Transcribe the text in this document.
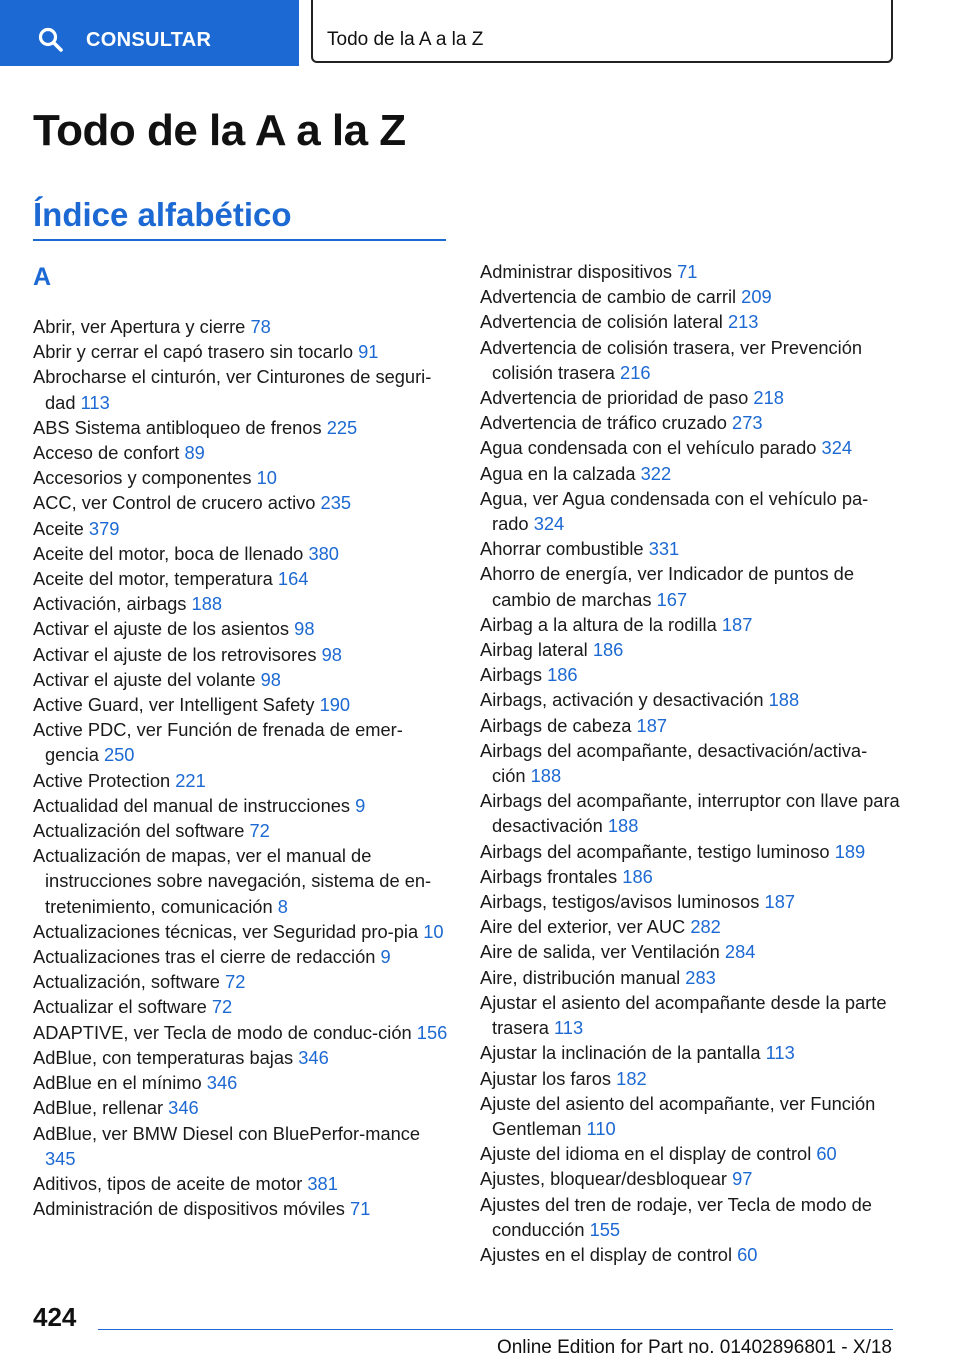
CONSULTAR	Todo de la A a la Z
Todo de la A a la Z
Índice alfabético
A
Abrir, ver Apertura y cierre 78
Abrir y cerrar el capó trasero sin tocarlo 91
Abrocharse el cinturón, ver Cinturones de seguri-dad 113
ABS Sistema antibloqueo de frenos 225
Acceso de confort 89
Accesorios y componentes 10
ACC, ver Control de crucero activo 235
Aceite 379
Aceite del motor, boca de llenado 380
Aceite del motor, temperatura 164
Activación, airbags 188
Activar el ajuste de los asientos 98
Activar el ajuste de los retrovisores 98
Activar el ajuste del volante 98
Active Guard, ver Intelligent Safety 190
Active PDC, ver Función de frenada de emer-gencia 250
Active Protection 221
Actualidad del manual de instrucciones 9
Actualización del software 72
Actualización de mapas, ver el manual de instrucciones sobre navegación, sistema de en-tretenimiento, comunicación 8
Actualizaciones técnicas, ver Seguridad pro-pia 10
Actualizaciones tras el cierre de redacción 9
Actualización, software 72
Actualizar el software 72
ADAPTIVE, ver Tecla de modo de conduc-ción 156
AdBlue, con temperaturas bajas 346
AdBlue en el mínimo 346
AdBlue, rellenar 346
AdBlue, ver BMW Diesel con BluePerfor-mance 345
Aditivos, tipos de aceite de motor 381
Administración de dispositivos móviles 71
Administrar dispositivos 71
Advertencia de cambio de carril 209
Advertencia de colisión lateral 213
Advertencia de colisión trasera, ver Prevención colisión trasera 216
Advertencia de prioridad de paso 218
Advertencia de tráfico cruzado 273
Agua condensada con el vehículo parado 324
Agua en la calzada 322
Agua, ver Agua condensada con el vehículo pa-rado 324
Ahorrar combustible 331
Ahorro de energía, ver Indicador de puntos de cambio de marchas 167
Airbag a la altura de la rodilla 187
Airbag lateral 186
Airbags 186
Airbags, activación y desactivación 188
Airbags de cabeza 187
Airbags del acompañante, desactivación/activa-ción 188
Airbags del acompañante, interruptor con llave para desactivación 188
Airbags del acompañante, testigo luminoso 189
Airbags frontales 186
Airbags, testigos/avisos luminosos 187
Aire del exterior, ver AUC 282
Aire de salida, ver Ventilación 284
Aire, distribución manual 283
Ajustar el asiento del acompañante desde la parte trasera 113
Ajustar la inclinación de la pantalla 113
Ajustar los faros 182
Ajuste del asiento del acompañante, ver Función Gentleman 110
Ajuste del idioma en el display de control 60
Ajustes, bloquear/desbloquear 97
Ajustes del tren de rodaje, ver Tecla de modo de conducción 155
Ajustes en el display de control 60
424
Online Edition for Part no. 01402896801 - X/18
